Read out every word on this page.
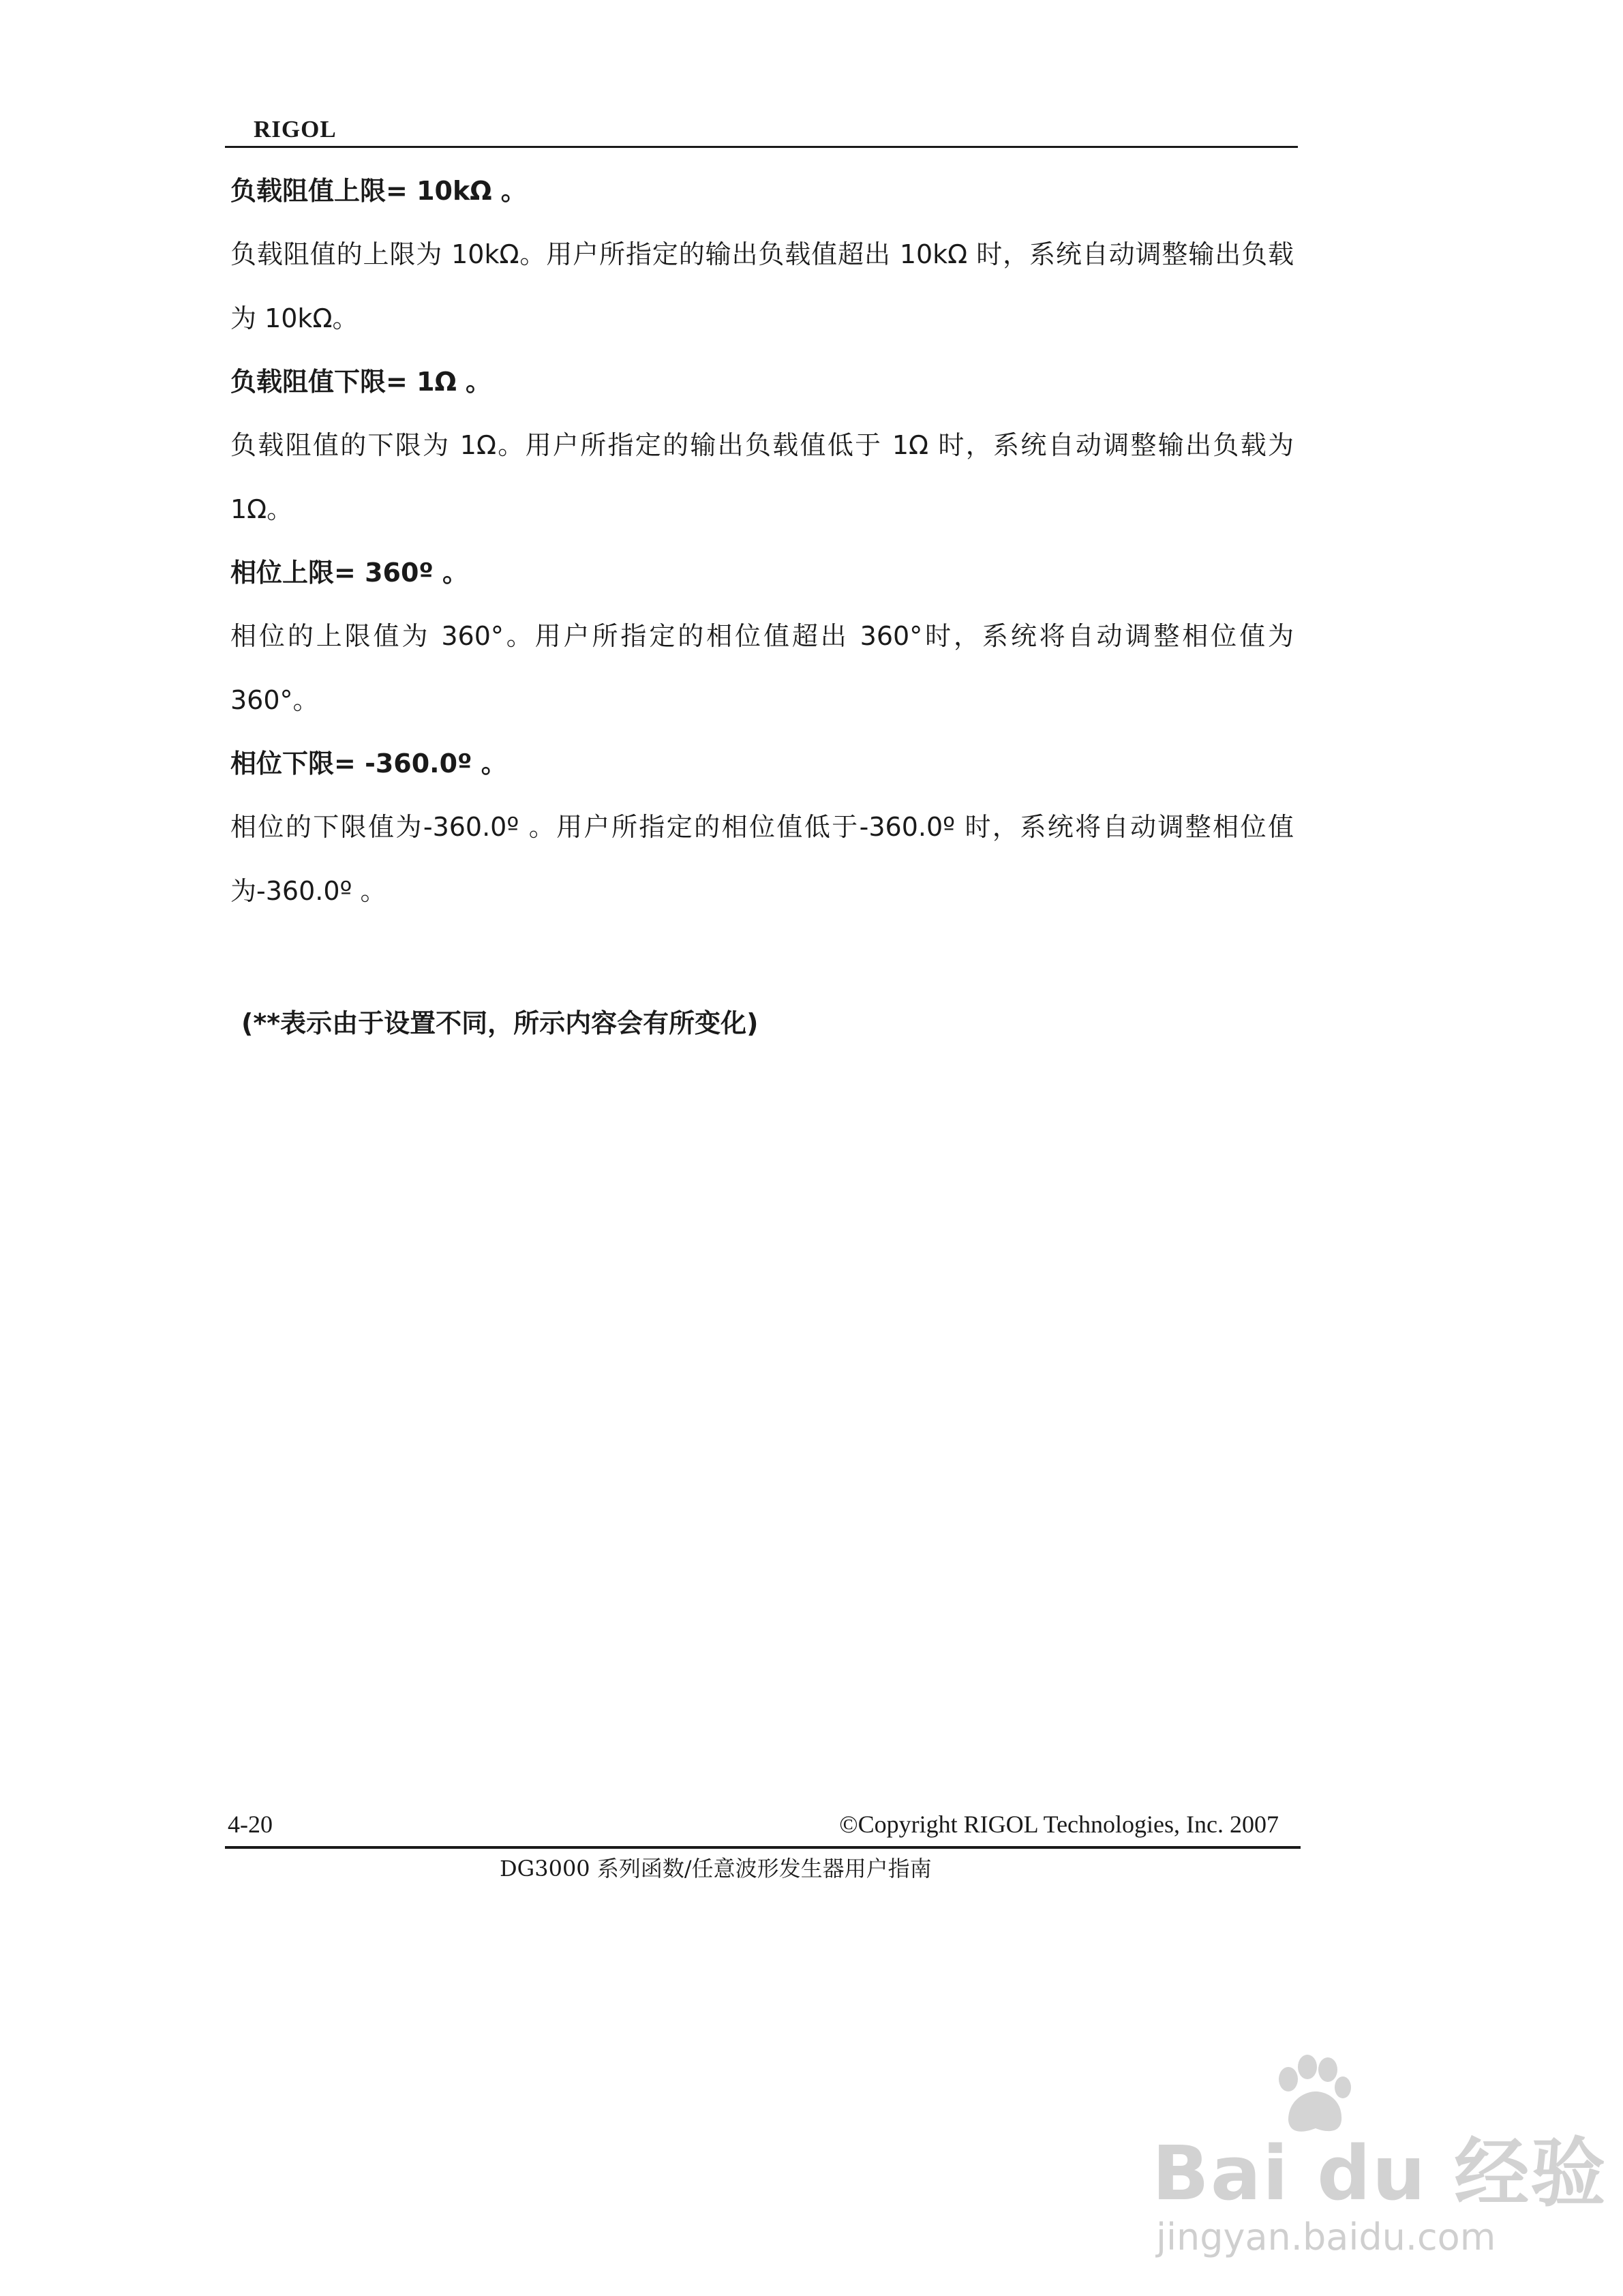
RIGOL

负载阻值上限= 10kΩ 。

负载阻值的上限为 10kΩ。用户所指定的输出负载值超出 10kΩ 时，系统自动调整输出负载为 10kΩ。

负载阻值下限= 1Ω 。

负载阻值的下限为 1Ω。用户所指定的输出负载值低于 1Ω 时，系统自动调整输出负载为 1Ω。

相位上限= 360º 。

相位的上限值为 360°。用户所指定的相位值超出 360°时，系统将自动调整相位值为 360°。

相位下限= -360.0º 。

相位的下限值为-360.0º 。用户所指定的相位值低于-360.0º 时，系统将自动调整相位值为-360.0º 。

(**表示由于设置不同，所示内容会有所变化)

4-20	©Copyright RIGOL Technologies, Inc. 2007

DG3000 系列函数/任意波形发生器用户指南

Bai du 经验
jingyan.baidu.com
